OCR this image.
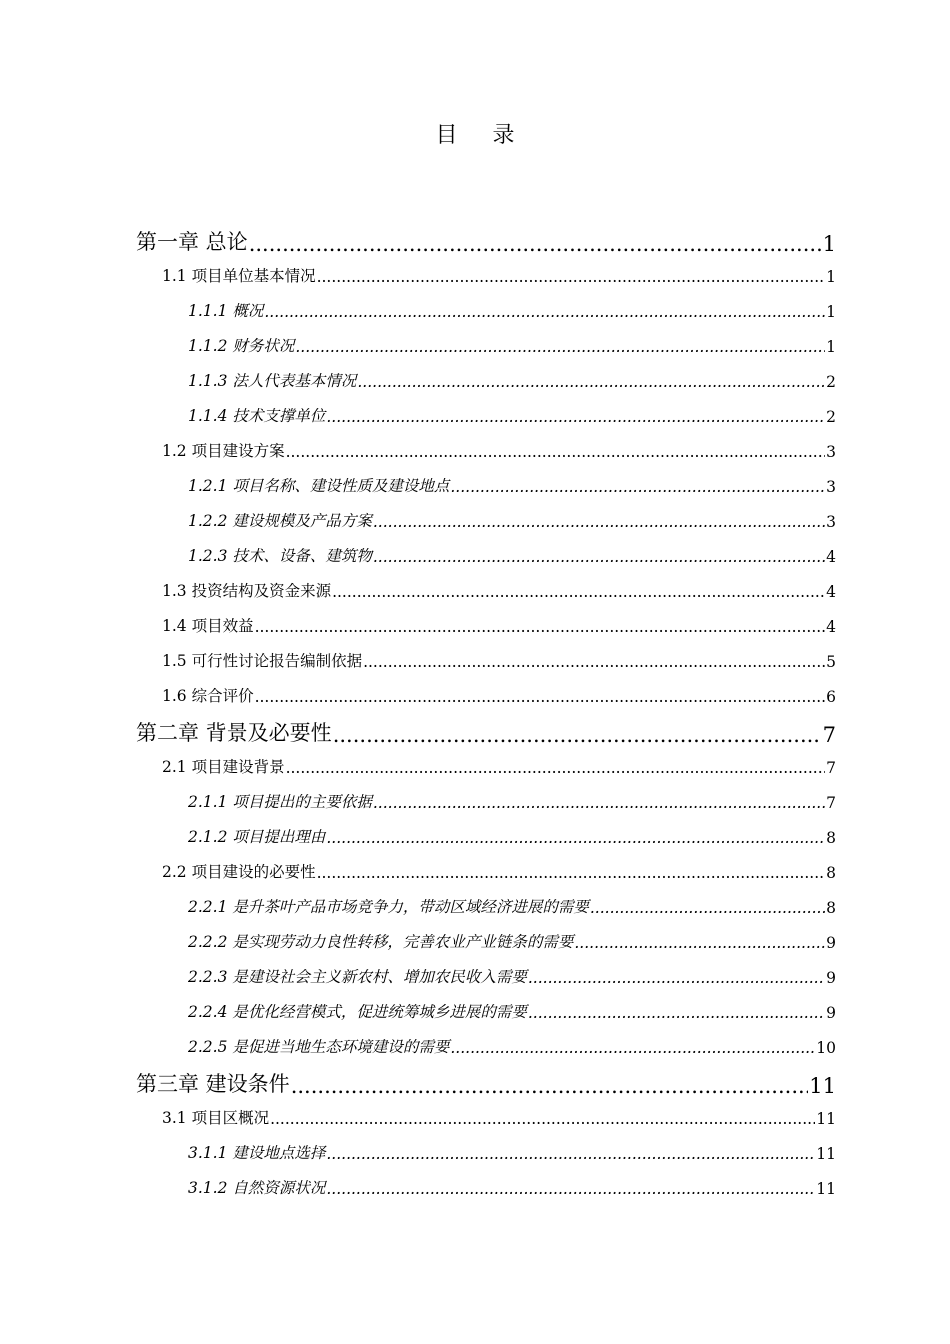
目 录
第一章 总论 .....	1
1.1 项目单位基本情况 .....	1
1.1.1 概况 .....	1
1.1.2 财务状况 .....	1
1.1.3 法人代表基本情况 .....	2
1.1.4 技术支撑单位 .....	2
1.2 项目建设方案 .....	3
1.2.1 项目名称、建设性质及建设地点 .....	3
1.2.2 建设规模及产品方案 .....	3
1.2.3 技术、设备、建筑物 .....	4
1.3 投资结构及资金来源 .....	4
1.4 项目效益 .....	4
1.5 可行性讨论报告编制依据 .....	5
1.6 综合评价 .....	6
第二章 背景及必要性 .....	7
2.1 项目建设背景 .....	7
2.1.1 项目提出的主要依据 .....	7
2.1.2 项目提出理由 .....	8
2.2 项目建设的必要性 .....	8
2.2.1 是升茶叶产品市场竞争力，带动区域经济进展的需要 .....	8
2.2.2 是实现劳动力良性转移，完善农业产业链条的需要 .....	9
2.2.3 是建设社会主义新农村、增加农民收入需要 .....	9
2.2.4 是优化经营模式，促进统筹城乡进展的需要 .....	9
2.2.5 是促进当地生态环境建设的需要 .....	10
第三章 建设条件 .....	11
3.1 项目区概况 .....	11
3.1.1 建设地点选择 .....	11
3.1.2 自然资源状况 .....	11
